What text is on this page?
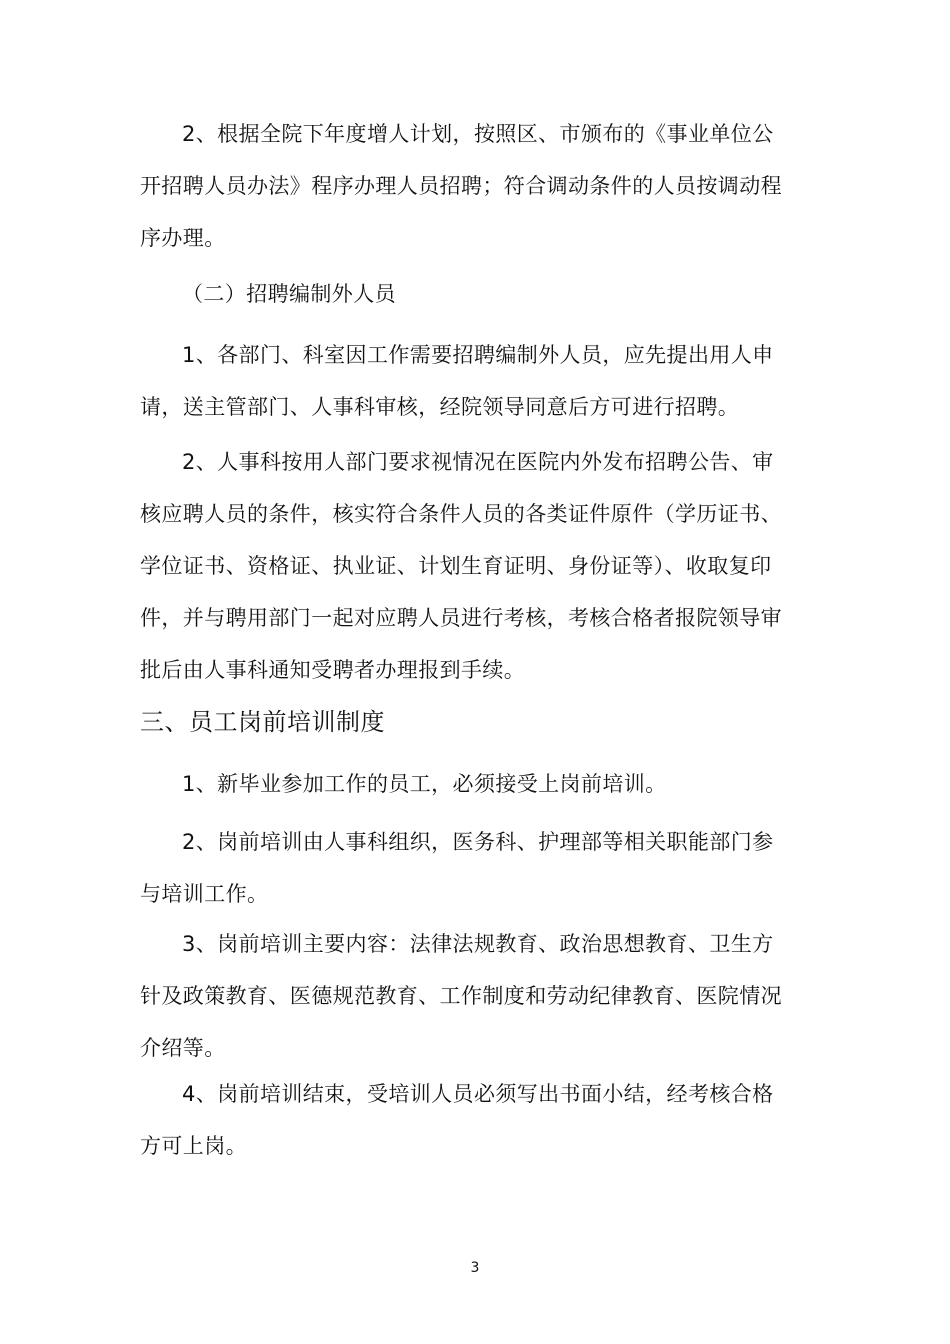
2、根据全院下年度增人计划，按照区、市颁布的《事业单位公
开招聘人员办法》程序办理人员招聘；符合调动条件的人员按调动程
序办理。

（二）招聘编制外人员

1、各部门、科室因工作需要招聘编制外人员，应先提出用人申
请，送主管部门、人事科审核，经院领导同意后方可进行招聘。

2、人事科按用人部门要求视情况在医院内外发布招聘公告、审
核应聘人员的条件，核实符合条件人员的各类证件原件（学历证书、
学位证书、资格证、执业证、计划生育证明、身份证等）、收取复印
件，并与聘用部门一起对应聘人员进行考核，考核合格者报院领导审
批后由人事科通知受聘者办理报到手续。

三、员工岗前培训制度

1、新毕业参加工作的员工，必须接受上岗前培训。

2、岗前培训由人事科组织，医务科、护理部等相关职能部门参
与培训工作。

3、岗前培训主要内容：法律法规教育、政治思想教育、卫生方
针及政策教育、医德规范教育、工作制度和劳动纪律教育、医院情况
介绍等。

4、岗前培训结束，受培训人员必须写出书面小结，经考核合格
方可上岗。

3
